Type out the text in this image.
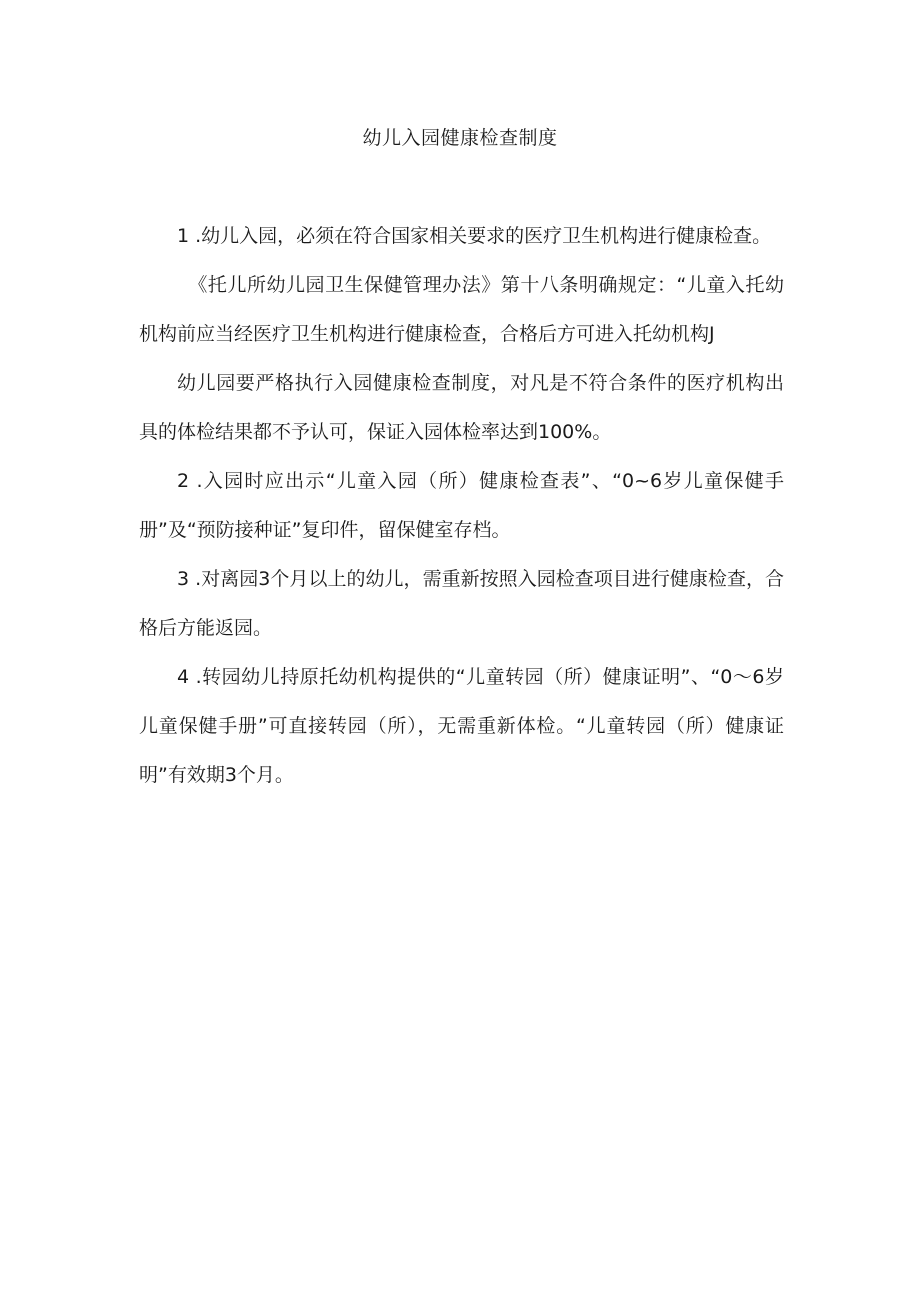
幼儿入园健康检查制度

1 .幼儿入园，必须在符合国家相关要求的医疗卫生机构进行健康检查。

《托儿所幼儿园卫生保健管理办法》第十八条明确规定：“儿童入托幼机构前应当经医疗卫生机构进行健康检查，合格后方可进入托幼机构J

幼儿园要严格执行入园健康检查制度，对凡是不符合条件的医疗机构出具的体检结果都不予认可，保证入园体检率达到100%。

2 .入园时应出示“儿童入园（所）健康检查表”、“0~6岁儿童保健手册”及“预防接种证”复印件，留保健室存档。

3 .对离园3个月以上的幼儿，需重新按照入园检查项目进行健康检查，合格后方能返园。

4 .转园幼儿持原托幼机构提供的“儿童转园（所）健康证明”、“0～6岁儿童保健手册”可直接转园（所），无需重新体检。“儿童转园（所）健康证明”有效期3个月。
